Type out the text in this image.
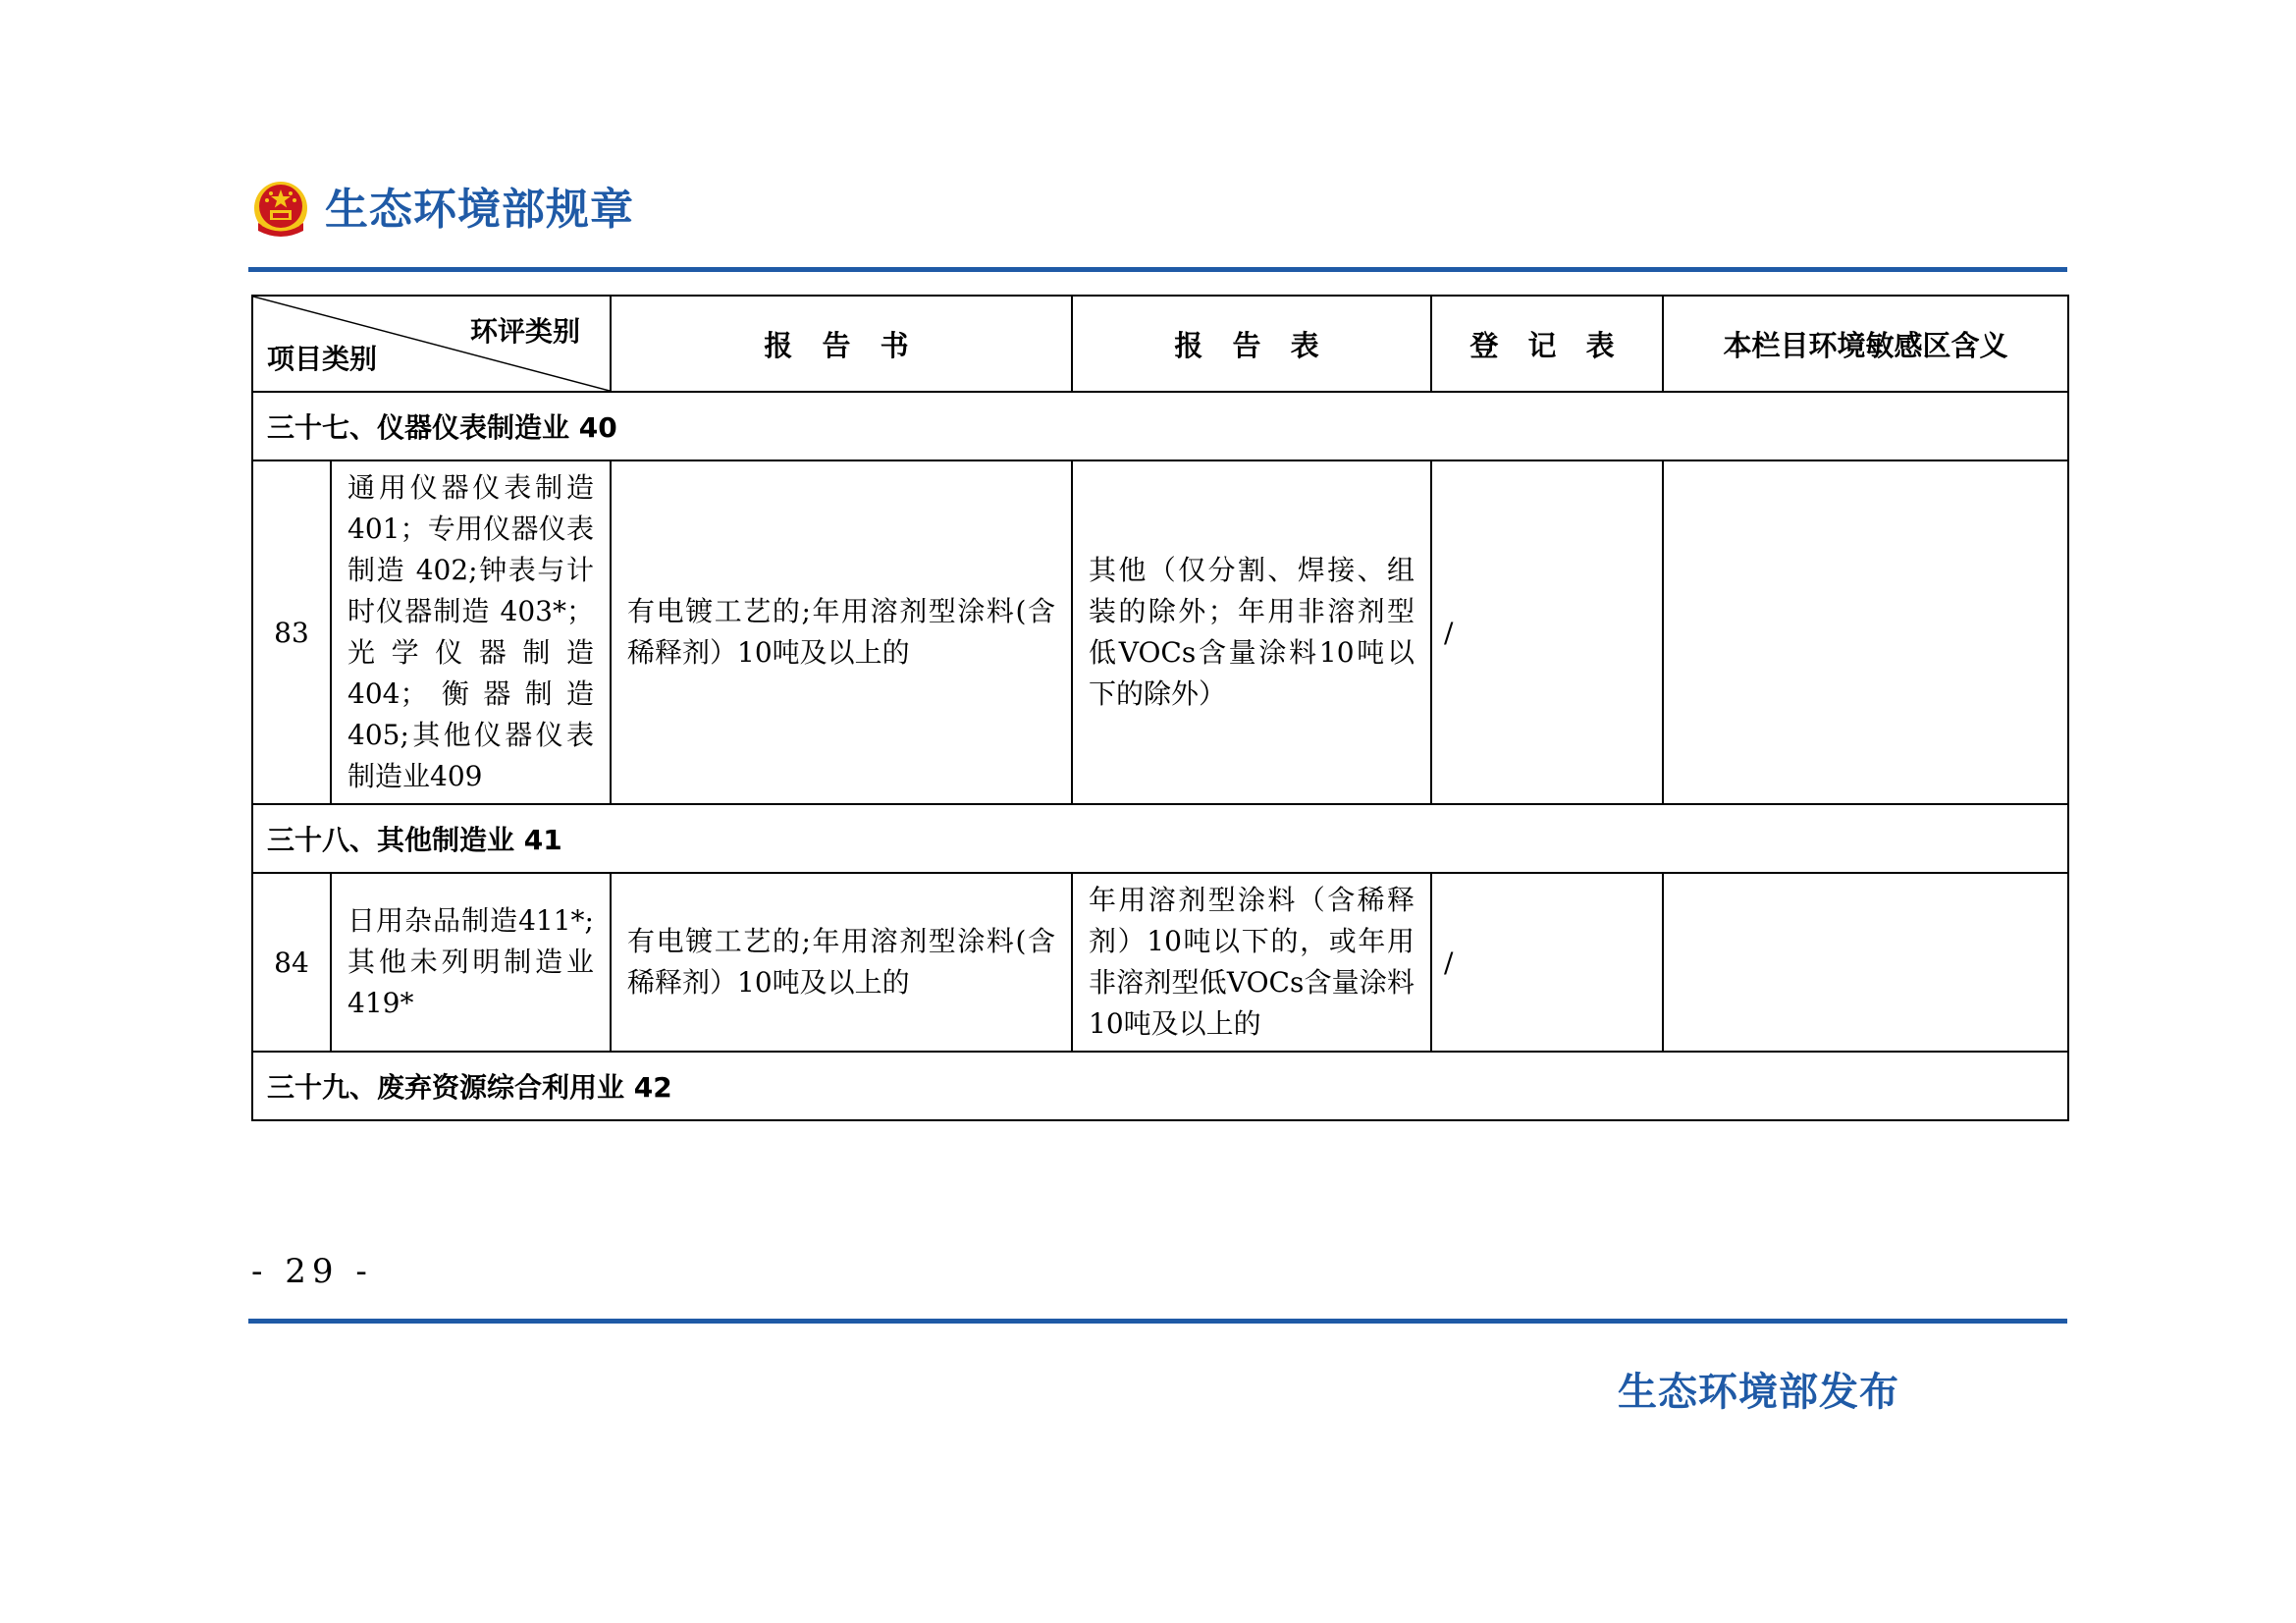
生态环境部规章
环评类别
项目类别		报 告 书	报 告 表	登 记 表	本栏目环境敏感区含义
三十七、仪器仪表制造业 40					
83	通用仪器仪表制造401；专用仪器仪表制造 402;钟表与计时仪器制造 403*；光学仪器制造 404；衡器制造 405;其他仪器仪表制造业409	有电镀工艺的;年用溶剂型涂料(含稀释剂）10吨及以上的	其他（仅分割、焊接、组装的除外；年用非溶剂型低VOCs含量涂料10吨以下的除外）	/	
三十八、其他制造业 41					
84	日用杂品制造411*;其他未列明制造业 419*	有电镀工艺的;年用溶剂型涂料(含稀释剂）10吨及以上的	年用溶剂型涂料（含稀释剂）10吨以下的，或年用非溶剂型低VOCs含量涂料10吨及以上的	/	
三十九、废弃资源综合利用业 42					
- 29 -
生态环境部发布
